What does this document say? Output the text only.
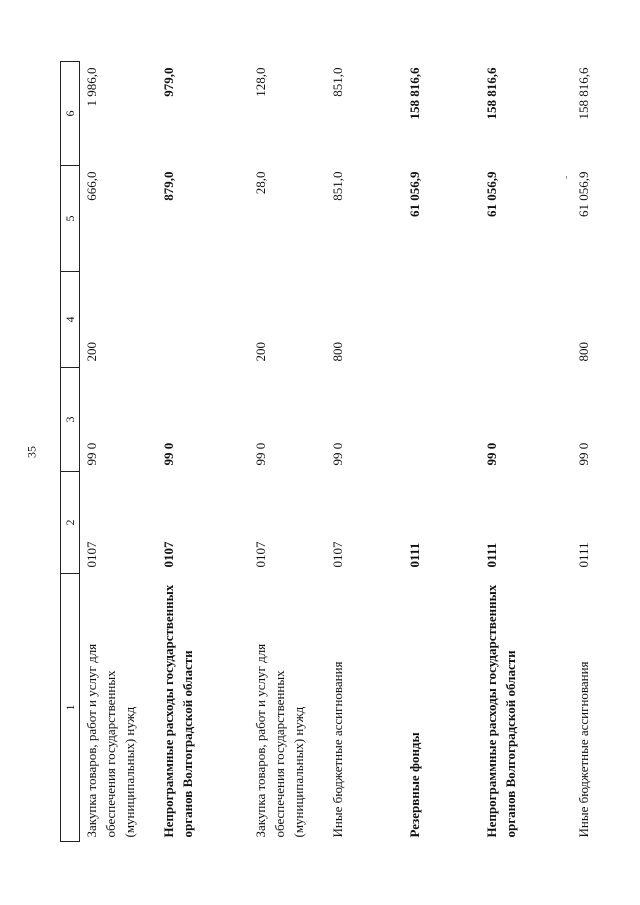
35
1	2	3	4	5	6
Закупка товаров, работ и услуг для обеспечения государственных (муниципальных) нужд	0107	99 0	200	666,0	1 986,0
Непрограммные расходы государственных органов Волгоградской области	0107	99 0		879,0	979,0
Закупка товаров, работ и услуг для обеспечения государственных (муниципальных) нужд	0107	99 0	200	28,0	128,0
Иные бюджетные ассигнования	0107	99 0	800	851,0	851,0
Резервные фонды	0111			61 056,9	158 816,6
Непрограммные расходы государственных органов Волгоградской области	0111	99 0		61 056,9	158 816,6
Иные бюджетные ассигнования	0111	99 0	800	61 056,9	158 816,6
